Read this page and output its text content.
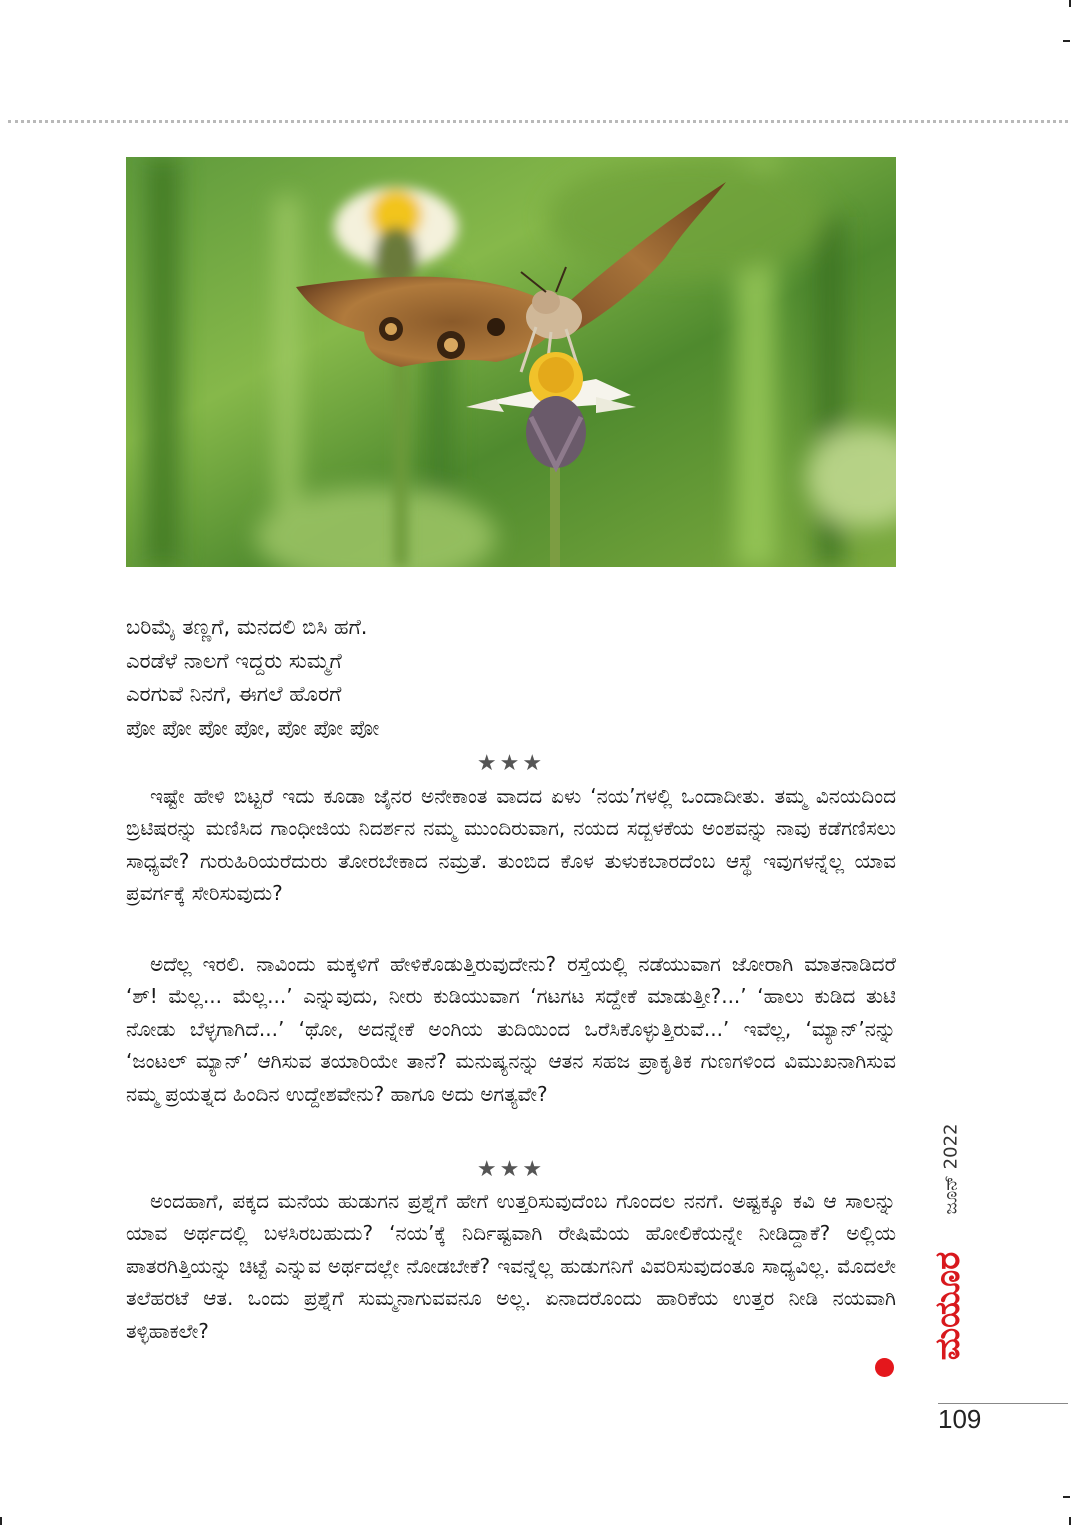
ಬರಿಮೈ ತಣ್ಣಗೆ, ಮನದಲಿ ಬಿಸಿ ಹಗೆ.
ಎರಡೆಳೆ ನಾಲಗೆ ಇದ್ದರು ಸುಮ್ಮಗೆ
ಎರಗುವೆ ನಿನಗೆ, ಈಗಲೆ ಹೊರಗೆ
ಪೋ ಪೋ ಪೋ ಪೋ, ಪೋ ಪೋ ಪೋ
★★★

ಇಷ್ಟೇ ಹೇಳಿ ಬಿಟ್ಟರೆ ಇದು ಕೂಡಾ ಜೈನರ ಅನೇಕಾಂತ ವಾದದ ಏಳು ‘ನಯ’ಗಳಲ್ಲಿ ಒಂದಾದೀತು. ತಮ್ಮ ವಿನಯದಿಂದ ಬ್ರಿಟಿಷರನ್ನು ಮಣಿಸಿದ ಗಾಂಧೀಜಿಯ ನಿದರ್ಶನ ನಮ್ಮ ಮುಂದಿರುವಾಗ, ನಯದ ಸದ್ಬಳಕೆಯ ಅಂಶವನ್ನು ನಾವು ಕಡೆಗಣಿಸಲು ಸಾಧ್ಯವೇ? ಗುರುಹಿರಿಯರೆದುರು ತೋರಬೇಕಾದ ನಮ್ರತೆ. ತುಂಬಿದ ಕೊಳ ತುಳುಕಬಾರದೆಂಬ ಆಸ್ಥೆ ಇವುಗಳನ್ನೆಲ್ಲ ಯಾವ ಪ್ರವರ್ಗಕ್ಕೆ ಸೇರಿಸುವುದು?

ಅದೆಲ್ಲ ಇರಲಿ. ನಾವಿಂದು ಮಕ್ಕಳಿಗೆ ಹೇಳಿಕೊಡುತ್ತಿರುವುದೇನು? ರಸ್ತೆಯಲ್ಲಿ ನಡೆಯುವಾಗ ಜೋರಾಗಿ ಮಾತನಾಡಿದರೆ ‘ಶ್! ಮೆಲ್ಲ... ಮೆಲ್ಲ...’ ಎನ್ನುವುದು, ನೀರು ಕುಡಿಯುವಾಗ ‘ಗಟಗಟ ಸದ್ದೇಕೆ ಮಾಡುತ್ತೀ?...’ ‘ಹಾಲು ಕುಡಿದ ತುಟಿ ನೋಡು ಬೆಳ್ಳಗಾಗಿದೆ...’ ‘ಥೋ, ಅದನ್ನೇಕೆ ಅಂಗಿಯ ತುದಿಯಿಂದ ಒರೆಸಿಕೊಳ್ಳುತ್ತಿರುವೆ...’ ಇವೆಲ್ಲ, ‘ಮ್ಯಾನ್’ನನ್ನು ‘ಜಂಟಲ್ ಮ್ಯಾನ್’ ಆಗಿಸುವ ತಯಾರಿಯೇ ತಾನೆ? ಮನುಷ್ಯನನ್ನು ಆತನ ಸಹಜ ಪ್ರಾಕೃತಿಕ ಗುಣಗಳಿಂದ ವಿಮುಖನಾಗಿಸುವ ನಮ್ಮ ಪ್ರಯತ್ನದ ಹಿಂದಿನ ಉದ್ದೇಶವೇನು? ಹಾಗೂ ಅದು ಅಗತ್ಯವೇ?

★★★

ಅಂದಹಾಗೆ, ಪಕ್ಕದ ಮನೆಯ ಹುಡುಗನ ಪ್ರಶ್ನೆಗೆ ಹೇಗೆ ಉತ್ತರಿಸುವುದೆಂಬ ಗೊಂದಲ ನನಗೆ. ಅಷ್ಟಕ್ಕೂ ಕವಿ ಆ ಸಾಲನ್ನು ಯಾವ ಅರ್ಥದಲ್ಲಿ ಬಳಸಿರಬಹುದು? ‘ನಯ’ಕ್ಕೆ ನಿರ್ದಿಷ್ಟವಾಗಿ ರೇಷಿಮೆಯ ಹೋಲಿಕೆಯನ್ನೇ ನೀಡಿದ್ದಾಕೆ? ಅಲ್ಲಿಯ ಪಾತರಗಿತ್ತಿಯನ್ನು ಚಿಟ್ಟೆ ಎನ್ನುವ ಅರ್ಥದಲ್ಲೇ ನೋಡಬೇಕೆ? ಇವನ್ನೆಲ್ಲ ಹುಡುಗನಿಗೆ ವಿವರಿಸುವುದಂತೂ ಸಾಧ್ಯವಿಲ್ಲ. ಮೊದಲೇ ತಲೆಹರಟೆ ಆತ. ಒಂದು ಪ್ರಶ್ನೆಗೆ ಸುಮ್ಮನಾಗುವವನೂ ಅಲ್ಲ. ಏನಾದರೊಂದು ಹಾರಿಕೆಯ ಉತ್ತರ ನೀಡಿ ನಯವಾಗಿ ತಳ್ಳಿಹಾಕಲೇ?

ಜೂನ್ 2022
ಮಯೂರ
109
